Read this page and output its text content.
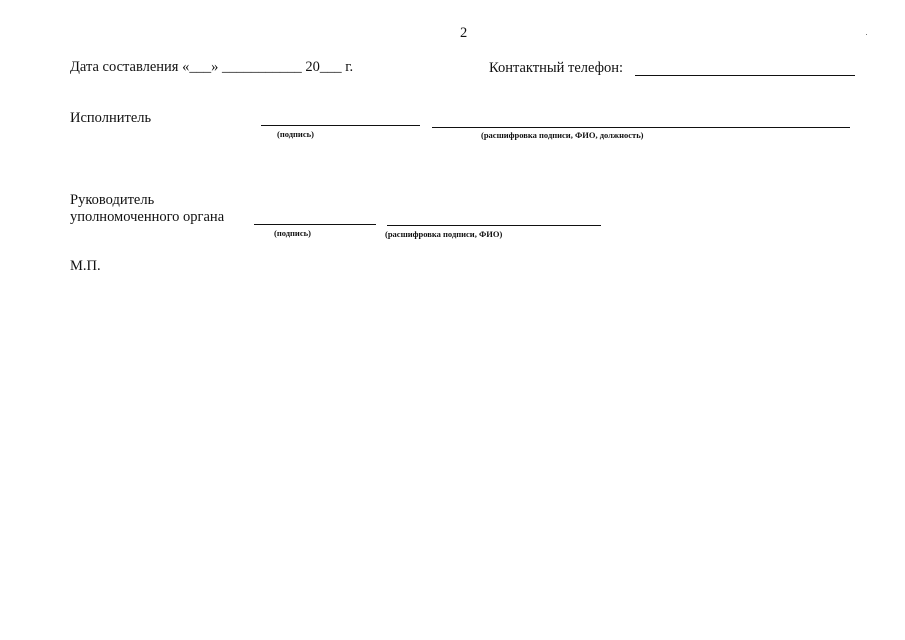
2
Дата составления «___» ___________ 20___ г.	Контактный телефон:
Исполнитель
(подпись)	(расшифровка подписи, ФИО, должность)
Руководитель
уполномоченного органа
(подпись)	(расшифровка подписи, ФИО)
М.П.
